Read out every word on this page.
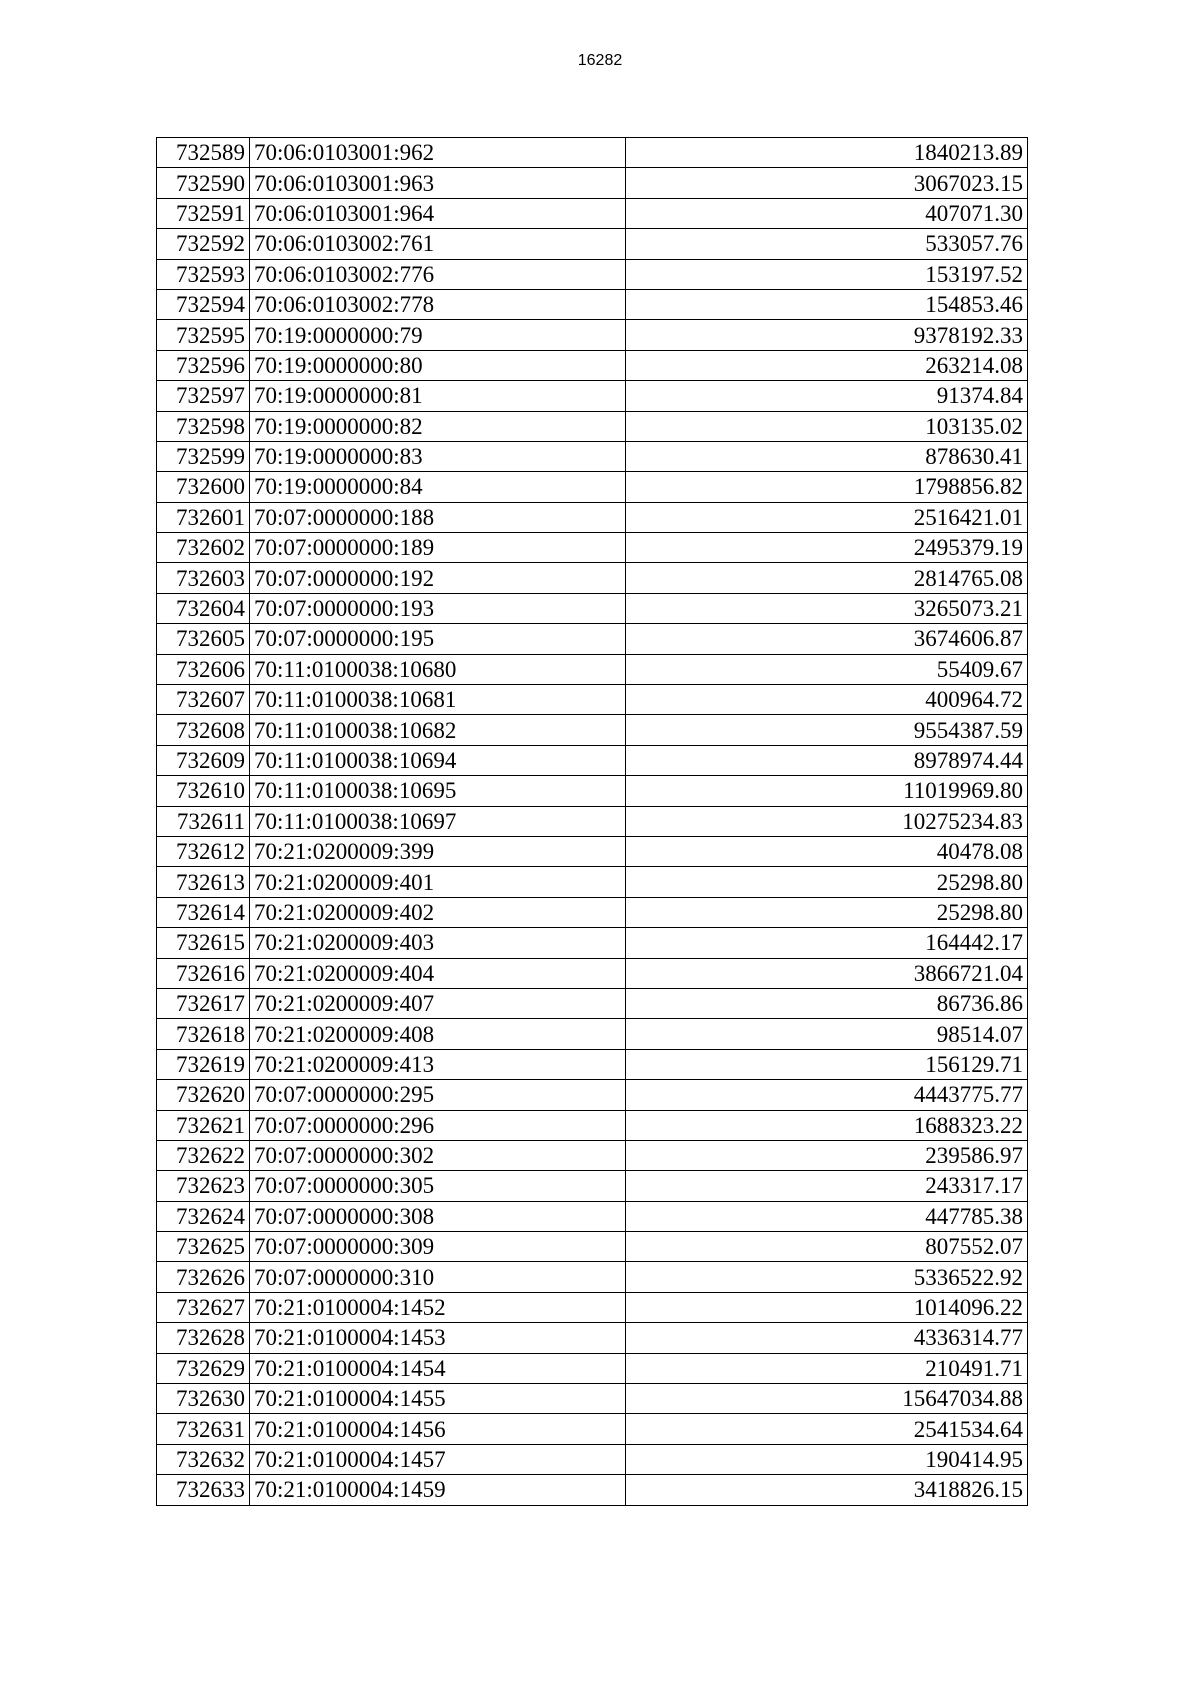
16282
732589	70:06:0103001:962	1840213.89
732590	70:06:0103001:963	3067023.15
732591	70:06:0103001:964	407071.30
732592	70:06:0103002:761	533057.76
732593	70:06:0103002:776	153197.52
732594	70:06:0103002:778	154853.46
732595	70:19:0000000:79	9378192.33
732596	70:19:0000000:80	263214.08
732597	70:19:0000000:81	91374.84
732598	70:19:0000000:82	103135.02
732599	70:19:0000000:83	878630.41
732600	70:19:0000000:84	1798856.82
732601	70:07:0000000:188	2516421.01
732602	70:07:0000000:189	2495379.19
732603	70:07:0000000:192	2814765.08
732604	70:07:0000000:193	3265073.21
732605	70:07:0000000:195	3674606.87
732606	70:11:0100038:10680	55409.67
732607	70:11:0100038:10681	400964.72
732608	70:11:0100038:10682	9554387.59
732609	70:11:0100038:10694	8978974.44
732610	70:11:0100038:10695	11019969.80
732611	70:11:0100038:10697	10275234.83
732612	70:21:0200009:399	40478.08
732613	70:21:0200009:401	25298.80
732614	70:21:0200009:402	25298.80
732615	70:21:0200009:403	164442.17
732616	70:21:0200009:404	3866721.04
732617	70:21:0200009:407	86736.86
732618	70:21:0200009:408	98514.07
732619	70:21:0200009:413	156129.71
732620	70:07:0000000:295	4443775.77
732621	70:07:0000000:296	1688323.22
732622	70:07:0000000:302	239586.97
732623	70:07:0000000:305	243317.17
732624	70:07:0000000:308	447785.38
732625	70:07:0000000:309	807552.07
732626	70:07:0000000:310	5336522.92
732627	70:21:0100004:1452	1014096.22
732628	70:21:0100004:1453	4336314.77
732629	70:21:0100004:1454	210491.71
732630	70:21:0100004:1455	15647034.88
732631	70:21:0100004:1456	2541534.64
732632	70:21:0100004:1457	190414.95
732633	70:21:0100004:1459	3418826.15
